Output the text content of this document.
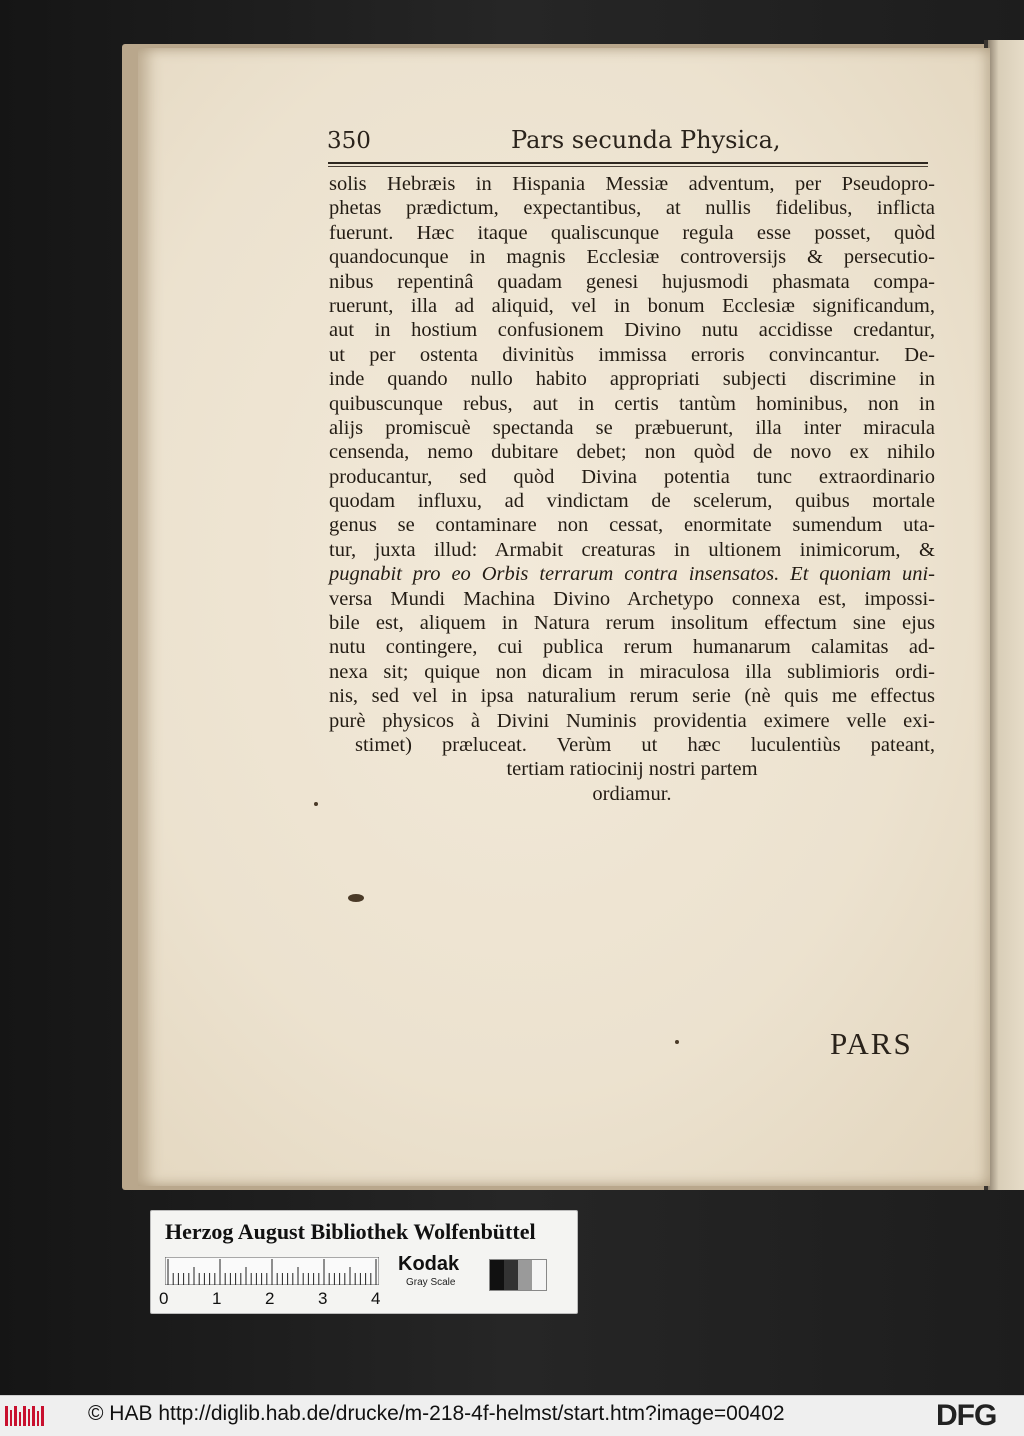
350	Pars secunda Physica,
solis Hebræis in Hispania Messiæ adventum, per Pseudopro-
phetas prædictum, expectantibus, at nullis fidelibus, inflicta
fuerunt. Hæc itaque qualiscunque regula esse posset, quòd
quandocunque in magnis Ecclesiæ controversijs & persecutio-
nibus repentinâ quadam genesi hujusmodi phasmata compa-
ruerunt, illa ad aliquid, vel in bonum Ecclesiæ significandum,
aut in hostium confusionem Divino nutu accidisse credantur,
ut per ostenta divinitùs immissa erroris convincantur. De-
inde quando nullo habito appropriati subjecti discrimine in
quibuscunque rebus, aut in certis tantùm hominibus, non in
alijs promiscuè spectanda se præbuerunt, illa inter miracula
censenda, nemo dubitare debet; non quòd de novo ex nihilo
producantur, sed quòd Divina potentia tunc extraordinario
quodam influxu, ad vindictam de scelerum, quibus mortale
genus se contaminare non cessat, enormitate sumendum uta-
tur, juxta illud: Armabit creaturas in ultionem inimicorum, &
pugnabit pro eo Orbis terrarum contra insensatos. Et quoniam uni-
versa Mundi Machina Divino Archetypo connexa est, impossi-
bile est, aliquem in Natura rerum insolitum effectum sine ejus
nutu contingere, cui publica rerum humanarum calamitas ad-
nexa sit; quique non dicam in miraculosa illa sublimioris ordi-
nis, sed vel in ipsa naturalium rerum serie (nè quis me effectus
purè physicos à Divini Numinis providentia eximere velle exi-
stimet) præluceat. Verùm ut hæc luculentiùs pateant,
tertiam ratiocinij nostri partem
ordiamur.
PARS
Herzog August Bibliothek Wolfenbüttel
0	1	2	3	4
Kodak
Gray Scale
© HAB http://diglib.hab.de/drucke/m-218-4f-helmst/start.htm?image=00402	DFG
